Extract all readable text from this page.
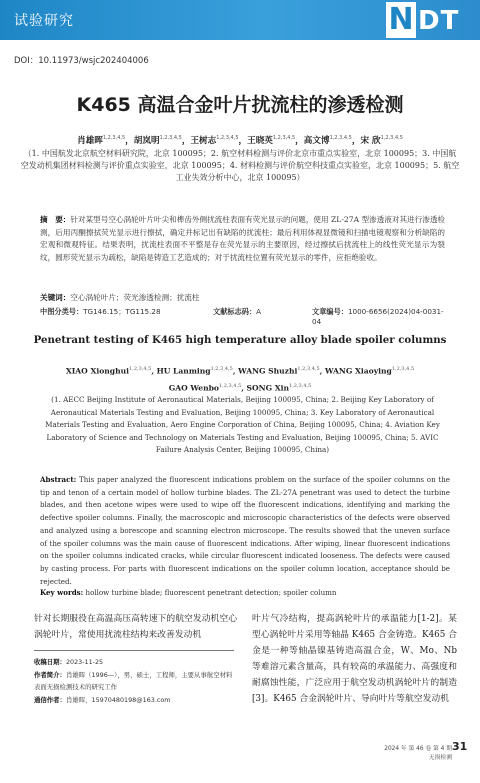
试验研究	N DT
DOI：10.11973/wsjc202404006
K465 高温合金叶片扰流柱的渗透检测
肖雄晖$^{1,2,3,4,5}$，胡岚明$^{1,2,3,4,5}$，王树志$^{1,2,3,4,5}$，王晓英$^{1,2,3,4,5}$，高文博$^{1,2,3,4,5}$，宋 欣$^{1,2,3,4,5}$
（1. 中国航发北京航空材料研究院，北京 100095；2. 航空材料检测与评价北京市重点实验室，北京 100095；3. 中国航空发动机集团材料检测与评价重点实验室，北京 100095；4. 材料检测与评价航空科技重点实验室，北京 100095；5. 航空工业失效分析中心，北京 100095）
摘　要：针对某型号空心涡轮叶片叶尖和榫齿外侧扰流柱表面有荧光显示的问题，使用 ZL-27A 型渗透液对其进行渗透检测，后用丙酮擦拭荧光显示进行擦拭，确定并标记出有缺陷的扰流柱；最后利用体视显微镜和扫描电镜观察和分析缺陷的宏观和微观特征。结果表明，扰流柱表面不平整是存在荧光显示的主要原因，经过擦拭后扰流柱上的线性荧光显示为裂纹，圆形荧光显示为疏松，缺陷是铸造工艺造成的；对于扰流柱位置有荧光显示的零件，应拒绝验收。
关键词：空心涡轮叶片；荧光渗透检测；扰流柱
中图分类号：TG146.15；TG115.28	文献标志码：A	文章编号：1000-6656(2024)04-0031-04
Penetrant testing of K465 high temperature alloy blade spoiler columns
XIAO Xionghui$^{1,2,3,4,5}$, HU Lanming$^{1,2,3,4,5}$, WANG Shuzhi$^{1,2,3,4,5}$, WANG Xiaoying$^{1,2,3,4,5}$
GAO Wenbo$^{1,2,3,4,5}$, SONG Xin$^{1,2,3,4,5}$
(1. AECC Beijing Institute of Aeronautical Materials, Beijing 100095, China; 2. Beijing Key Laboratory of Aeronautical Materials Testing and Evaluation, Beijing 100095, China; 3. Key Laboratory of Aeronautical Materials Testing and Evaluation, Aero Engine Corporation of China, Beijing 100095, China; 4. Aviation Key Laboratory of Science and Technology on Materials Testing and Evaluation, Beijing 100095, China; 5. AVIC Failure Analysis Center, Beijing 100095, China)
Abstract: This paper analyzed the fluorescent indications problem on the surface of the spoiler columns on the tip and tenon of a certain model of hollow turbine blades. The ZL-27A penetrant was used to detect the turbine blades, and then acetone wipes were used to wipe off the fluorescent indications, identifying and marking the defective spoiler columns. Finally, the macroscopic and microscopic characteristics of the defects were observed and analyzed using a borescope and scanning electron microscope. The results showed that the uneven surface of the spoiler columns was the main cause of fluorescent indications. After wiping, linear fluorescent indications on the spoiler columns indicated cracks, while circular fluorescent indicated looseness. The defects were caused by casting process. For parts with fluorescent indications on the spoiler column location, acceptance should be rejected.
Key words: hollow turbine blade; fluorescent penetrant detection; spoiler column
针对长期服役在高温高压高转速下的航空发动机空心涡轮叶片，常使用扰流柱结构来改善发动机
收稿日期：2023-11-25
作者简介：肖雄晖（1996—），男，硕士，工程师，主要从事航空材料表面无损检测技术的研究工作
通信作者：肖雄晖，15970480198@163.com
叶片气冷结构，提高涡轮叶片的承温能力[1-2]。某型心涡轮叶片采用等轴晶 K465 合金铸造。K465 合金是一种等轴晶镍基铸造高温合金，W、Mo、Nb 等难溶元素含量高，具有较高的承温能力、高强度和耐腐蚀性能，广泛应用于航空发动机涡轮叶片的制造[3]。K465 合金涡轮叶片、导向叶片等航空发动机
2024 年 第 46 卷 第 4 期
无损检测
31
